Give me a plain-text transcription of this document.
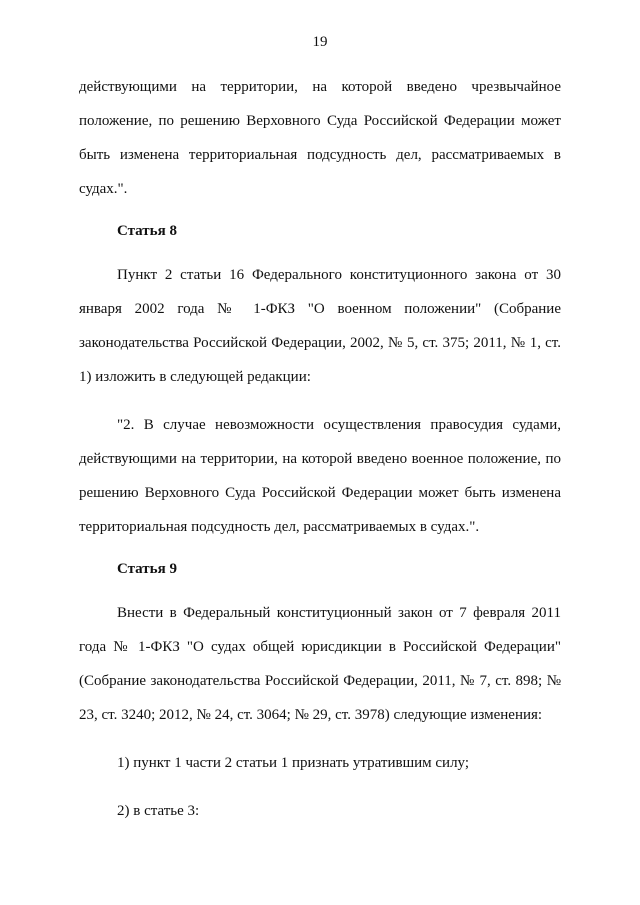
19

действующими на территории, на которой введено чрезвычайное положение, по решению Верховного Суда Российской Федерации может быть изменена территориальная подсудность дел, рассматриваемых в судах.".

Статья 8

Пункт 2 статьи 16 Федерального конституционного закона от 30 января 2002 года № 1-ФКЗ "О военном положении" (Собрание законодательства Российской Федерации, 2002, № 5, ст. 375; 2011, № 1, ст. 1) изложить в следующей редакции:

"2. В случае невозможности осуществления правосудия судами, действующими на территории, на которой введено военное положение, по решению Верховного Суда Российской Федерации может быть изменена территориальная подсудность дел, рассматриваемых в судах.".

Статья 9

Внести в Федеральный конституционный закон от 7 февраля 2011 года № 1-ФКЗ "О судах общей юрисдикции в Российской Федерации" (Собрание законодательства Российской Федерации, 2011, № 7, ст. 898; № 23, ст. 3240; 2012, № 24, ст. 3064; № 29, ст. 3978) следующие изменения:

1) пункт 1 части 2 статьи 1 признать утратившим силу;

2) в статье 3:
